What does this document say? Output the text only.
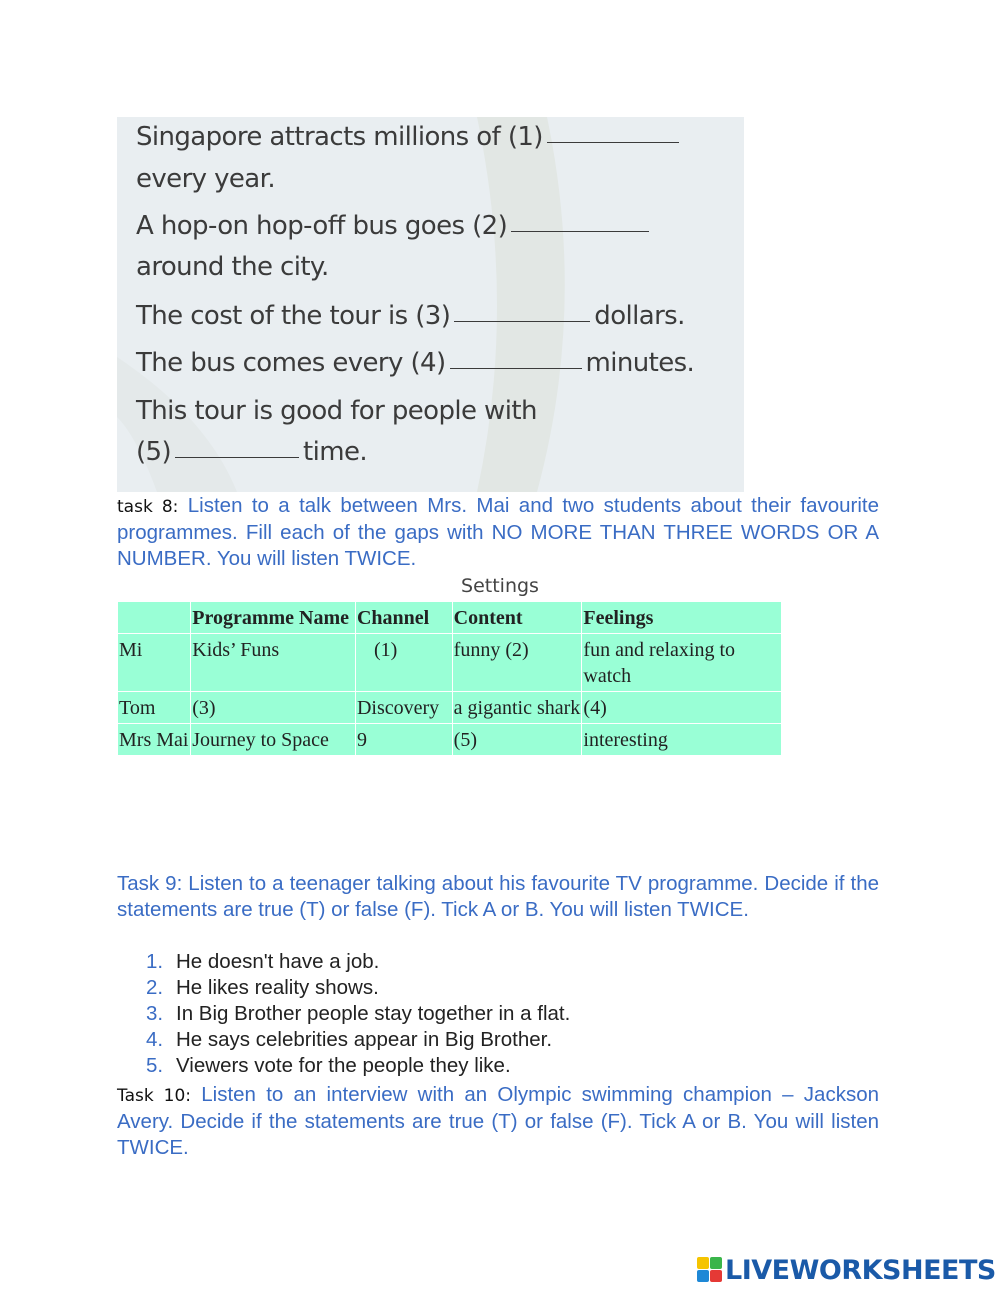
Singapore attracts millions of (1)
every year.
A hop-on hop-off bus goes (2)
around the city.
The cost of the tour is (3)	dollars.
The bus comes every (4)	minutes.
This tour is good for people with
(5)	time.
task 8: Listen to a talk between Mrs. Mai and two students about their favourite programmes. Fill each of the gaps with NO MORE THAN THREE WORDS OR A NUMBER. You will listen TWICE.
Settings
	Programme Name	Channel	Content	Feelings
Mi	Kids’ Funs	(1)	funny (2)	fun and relaxing to watch
Tom	(3)	Discovery	a gigantic shark	(4)
Mrs Mai	Journey to Space	9	(5)	interesting
Task 9: Listen to a teenager talking about his favourite TV programme. Decide if the statements are true (T) or false (F). Tick A or B. You will listen TWICE.
1. He doesn't have a job.
2. He likes reality shows.
3. In Big Brother people stay together in a flat.
4. He says celebrities appear in Big Brother.
5. Viewers vote for the people they like.
Task 10: Listen to an interview with an Olympic swimming champion – Jackson Avery. Decide if the statements are true (T) or false (F). Tick A or B. You will listen TWICE.
LIVEWORKSHEETS
